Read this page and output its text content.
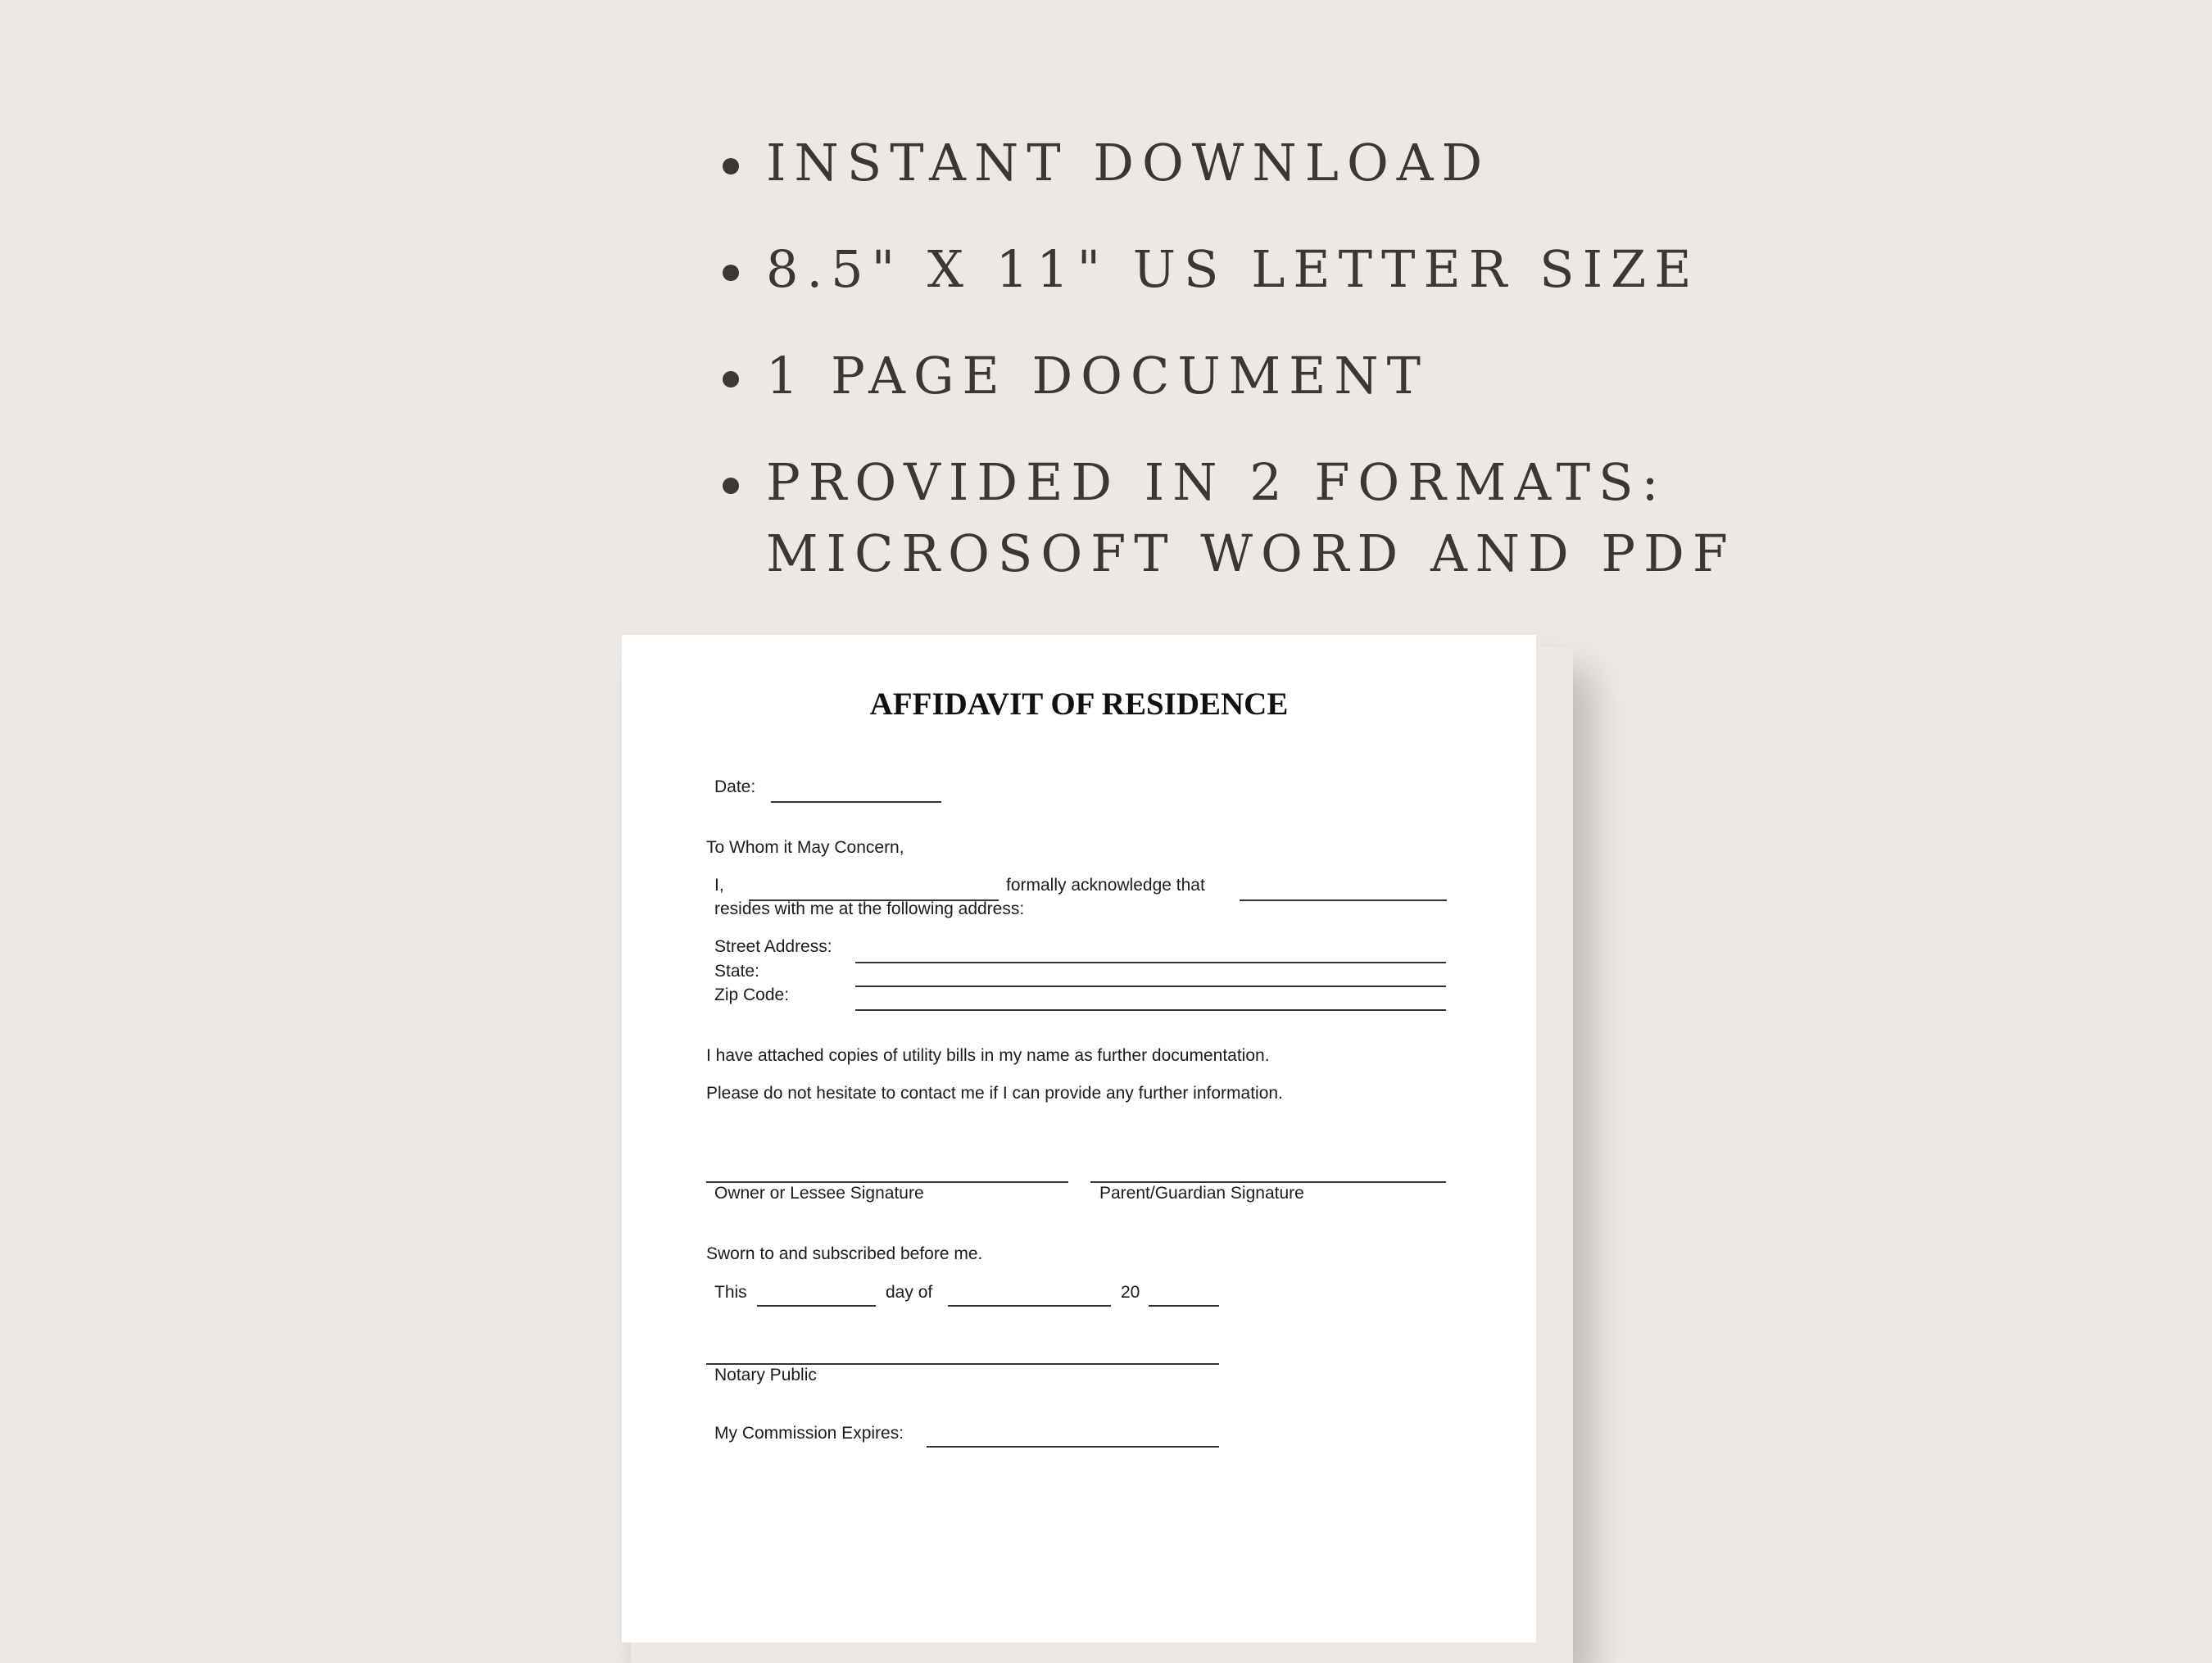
INSTANT DOWNLOAD
8.5" X 11" US LETTER SIZE
1 PAGE DOCUMENT
PROVIDED IN 2 FORMATS:
MICROSOFT WORD AND PDF
AFFIDAVIT OF RESIDENCE
Date:
To Whom it May Concern,
I,	formally acknowledge that
resides with me at the following address:
Street Address:
State:
Zip Code:
I have attached copies of utility bills in my name as further documentation.
Please do not hesitate to contact me if I can provide any further information.
Owner or Lessee Signature	Parent/Guardian Signature
Sworn to and subscribed before me.
This	day of	20
Notary Public
My Commission Expires:
